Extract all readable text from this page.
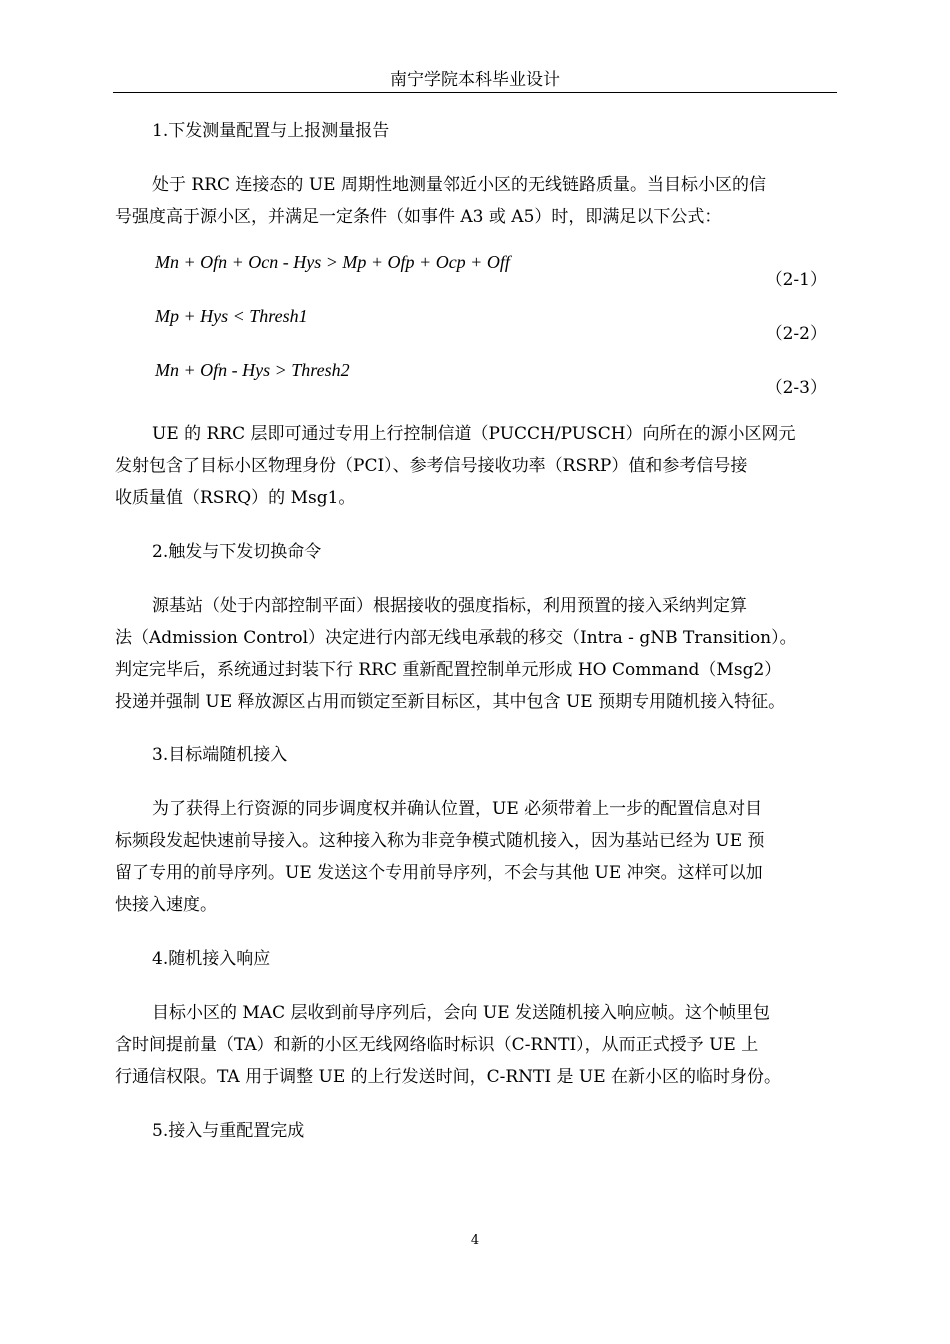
南宁学院本科毕业设计
1.下发测量配置与上报测量报告
处于 RRC 连接态的 UE 周期性地测量邻近小区的无线链路质量。当目标小区的信
号强度高于源小区，并满足一定条件（如事件 A3 或 A5）时，即满足以下公式：
Mn + Ofn + Ocn - Hys > Mp + Ofp + Ocp + Off
（2-1）
Mp + Hys < Thresh1
（2-2）
Mn + Ofn - Hys > Thresh2
（2-3）
UE 的 RRC 层即可通过专用上行控制信道（PUCCH/PUSCH）向所在的源小区网元
发射包含了目标小区物理身份（PCI）、参考信号接收功率（RSRP）值和参考信号接
收质量值（RSRQ）的 Msg1。
2.触发与下发切换命令
源基站（处于内部控制平面）根据接收的强度指标，利用预置的接入采纳判定算
法（Admission Control）决定进行内部无线电承载的移交（Intra - gNB Transition）。
判定完毕后，系统通过封装下行 RRC 重新配置控制单元形成 HO Command（Msg2）
投递并强制 UE 释放源区占用而锁定至新目标区，其中包含 UE 预期专用随机接入特征。
3.目标端随机接入
为了获得上行资源的同步调度权并确认位置，UE 必须带着上一步的配置信息对目
标频段发起快速前导接入。这种接入称为非竞争模式随机接入，因为基站已经为 UE 预
留了专用的前导序列。UE 发送这个专用前导序列，不会与其他 UE 冲突。这样可以加
快接入速度。
4.随机接入响应
目标小区的 MAC 层收到前导序列后，会向 UE 发送随机接入响应帧。这个帧里包
含时间提前量（TA）和新的小区无线网络临时标识（C-RNTI），从而正式授予 UE 上
行通信权限。TA 用于调整 UE 的上行发送时间，C-RNTI 是 UE 在新小区的临时身份。
5.接入与重配置完成
4
